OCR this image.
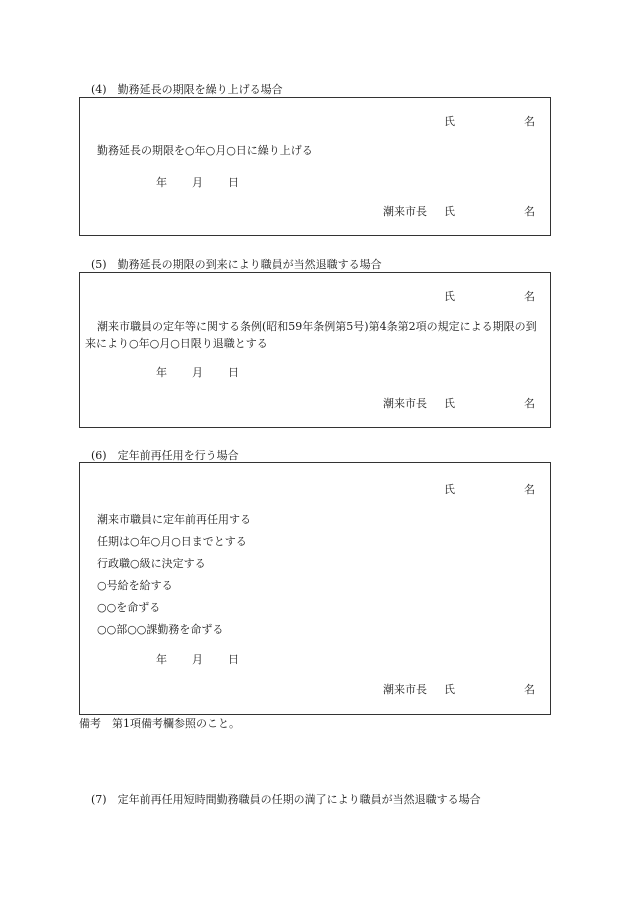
(4)　勤務延長の期限を繰り上げる場合
氏	名
勤務延長の期限を○年○月○日に繰り上げる
年 月 日
潮来市長 氏	名
(5)　勤務延長の期限の到来により職員が当然退職する場合
氏	名
潮来市職員の定年等に関する条例(昭和59年条例第5号)第4条第2項の規定による期限の到来により○年○月○日限り退職とする
年 月 日
潮来市長 氏	名
(6)　定年前再任用を行う場合
氏	名
潮来市職員に定年前再任用する
任期は○年○月○日までとする
行政職○級に決定する
○号給を給する
○○を命ずる
○○部○○課勤務を命ずる
年 月 日
潮来市長 氏	名
備考　第1項備考欄参照のこと。
(7)　定年前再任用短時間勤務職員の任期の満了により職員が当然退職する場合
